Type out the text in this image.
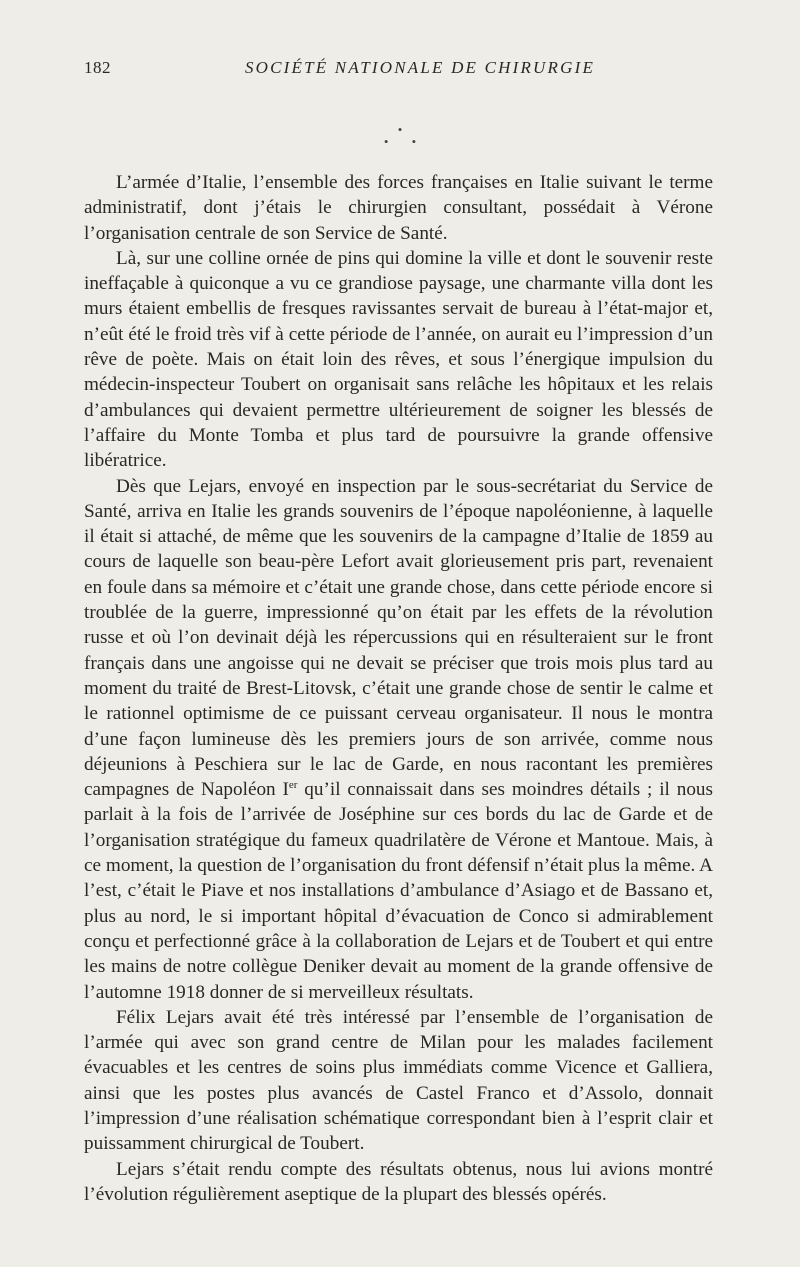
182	SOCIÉTÉ NATIONALE DE CHIRURGIE
•
• •

L’armée d’Italie, l’ensemble des forces françaises en Italie suivant le terme administratif, dont j’étais le chirurgien consultant, possédait à Vérone l’organisation centrale de son Service de Santé.

Là, sur une colline ornée de pins qui domine la ville et dont le souvenir reste ineffaçable à quiconque a vu ce grandiose paysage, une charmante villa dont les murs étaient embellis de fresques ravissantes servait de bureau à l’état-major et, n’eût été le froid très vif à cette période de l’année, on aurait eu l’impression d’un rêve de poète. Mais on était loin des rêves, et sous l’énergique impulsion du médecin-inspecteur Toubert on organisait sans relâche les hôpitaux et les relais d’ambulances qui devaient permettre ultérieurement de soigner les blessés de l’affaire du Monte Tomba et plus tard de poursuivre la grande offensive libératrice.

Dès que Lejars, envoyé en inspection par le sous-secrétariat du Service de Santé, arriva en Italie les grands souvenirs de l’époque napoléonienne, à laquelle il était si attaché, de même que les souvenirs de la campagne d’Italie de 1859 au cours de laquelle son beau-père Lefort avait glorieusement pris part, revenaient en foule dans sa mémoire et c’était une grande chose, dans cette période encore si troublée de la guerre, impressionné qu’on était par les effets de la révolution russe et où l’on devinait déjà les répercussions qui en résulteraient sur le front français dans une angoisse qui ne devait se préciser que trois mois plus tard au moment du traité de Brest-Litovsk, c’était une grande chose de sentir le calme et le rationnel optimisme de ce puissant cerveau organisateur. Il nous le montra d’une façon lumineuse dès les premiers jours de son arrivée, comme nous déjeunions à Peschiera sur le lac de Garde, en nous racontant les premières campagnes de Napoléon Ier qu’il connaissait dans ses moindres détails ; il nous parlait à la fois de l’arrivée de Joséphine sur ces bords du lac de Garde et de l’organisation stratégique du fameux quadrilatère de Vérone et Mantoue. Mais, à ce moment, la question de l’organisation du front défensif n’était plus la même. A l’est, c’était le Piave et nos installations d’ambulance d’Asiago et de Bassano et, plus au nord, le si important hôpital d’évacuation de Conco si admirablement conçu et perfectionné grâce à la collaboration de Lejars et de Toubert et qui entre les mains de notre collègue Deniker devait au moment de la grande offensive de l’automne 1918 donner de si merveilleux résultats.

Félix Lejars avait été très intéressé par l’ensemble de l’organisation de l’armée qui avec son grand centre de Milan pour les malades facilement évacuables et les centres de soins plus immédiats comme Vicence et Galliera, ainsi que les postes plus avancés de Castel Franco et d’Assolo, donnait l’impression d’une réalisation schématique correspondant bien à l’esprit clair et puissamment chirurgical de Toubert.

Lejars s’était rendu compte des résultats obtenus, nous lui avions montré l’évolution régulièrement aseptique de la plupart des blessés opérés.
